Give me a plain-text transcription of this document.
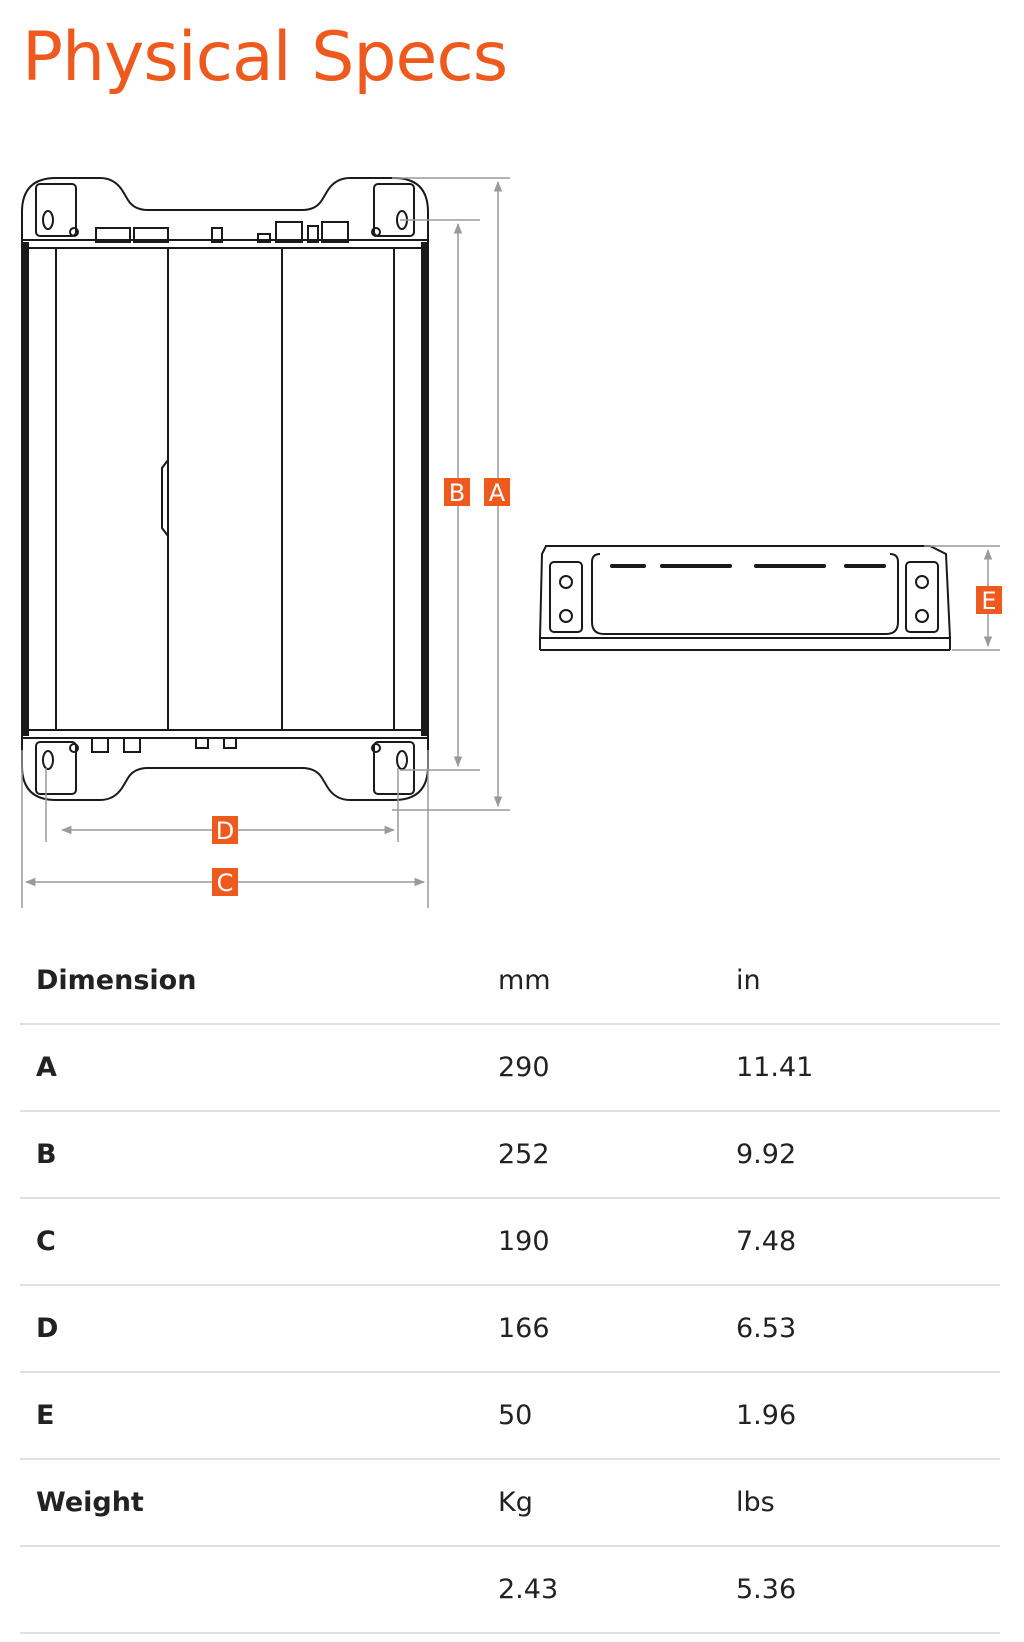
Physical Specs
B A
D
C
E
Dimension	mm	in
A	290	11.41
B	252	9.92
C	190	7.48
D	166	6.53
E	50	1.96
Weight	Kg	lbs
	2.43	5.36
